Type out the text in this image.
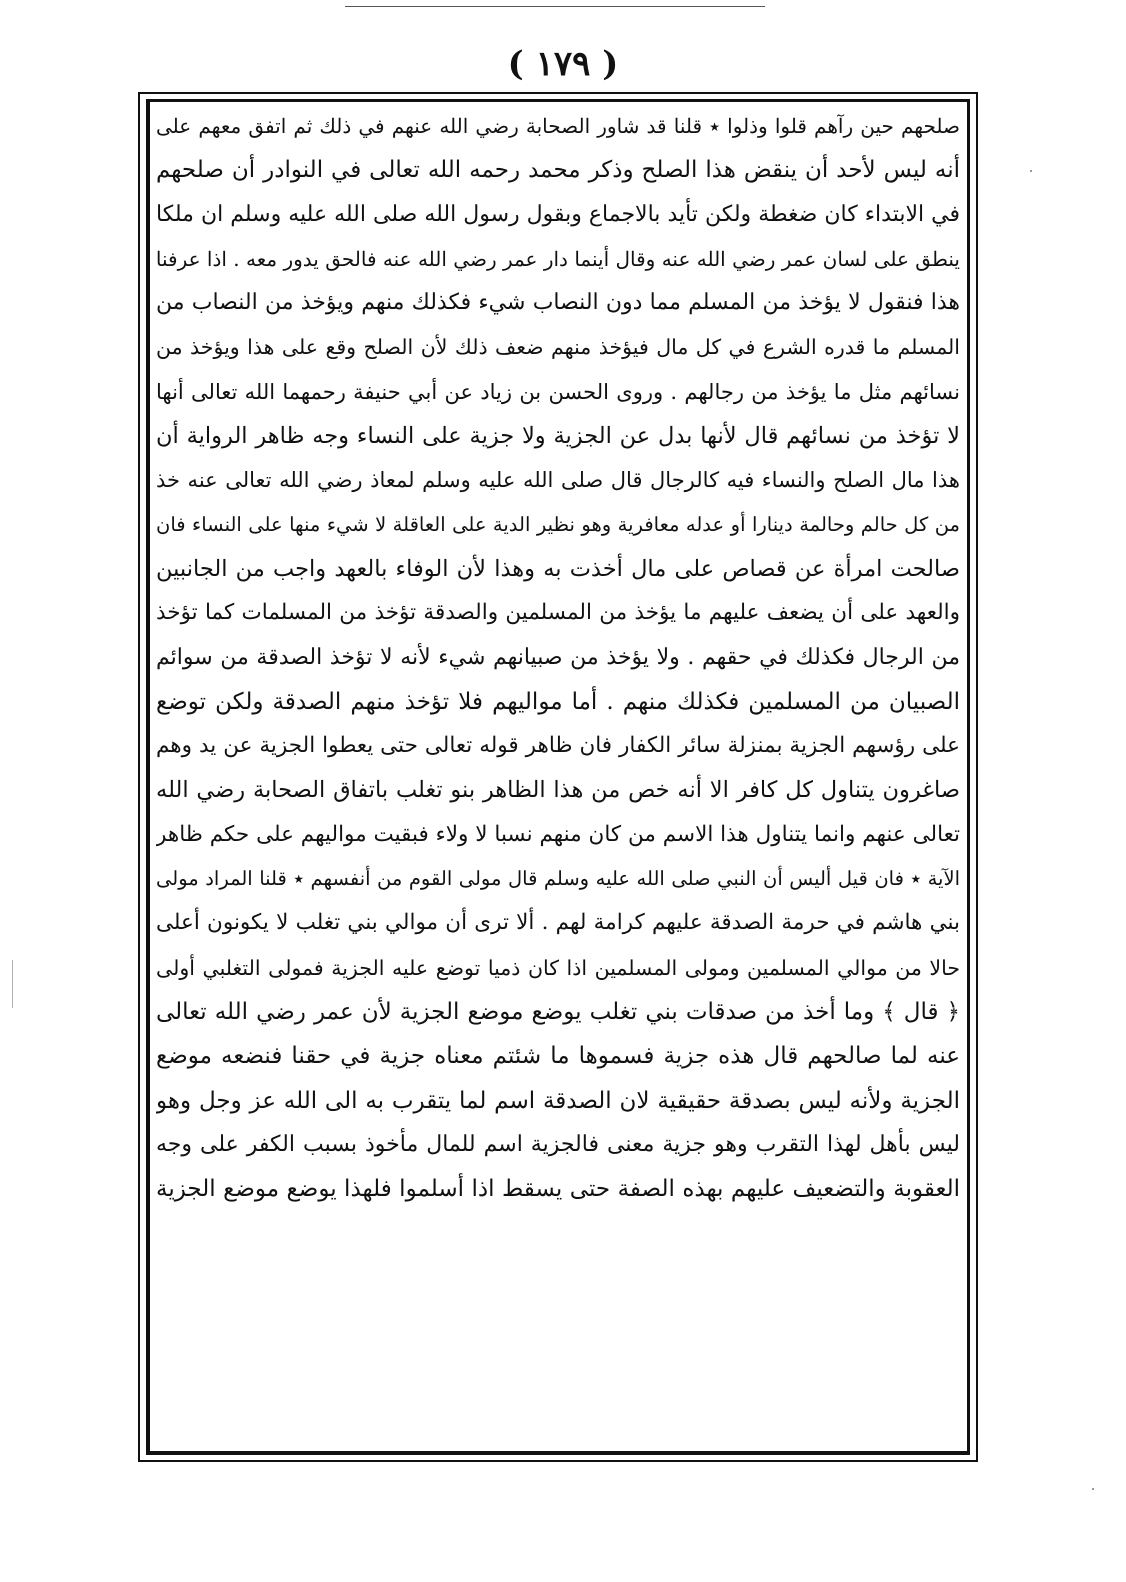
( ١٧٩ )
صلحهم حين رآهم قلوا وذلوا ٭ قلنا قد شاور الصحابة رضي الله عنهم في ذلك ثم اتفق معهم على
أنه ليس لأحد أن ينقض هذا الصلح وذكر محمد رحمه الله تعالى في النوادر أن صلحهم
في الابتداء كان ضغطة ولكن تأيد بالاجماع وبقول رسول الله صلى الله عليه وسلم ان ملكا
ينطق على لسان عمر رضي الله عنه وقال أينما دار عمر رضي الله عنه فالحق يدور معه . اذا عرفنا
هذا فنقول لا يؤخذ من المسلم مما دون النصاب شيء فكذلك منهم ويؤخذ من النصاب من
المسلم ما قدره الشرع في كل مال فيؤخذ منهم ضعف ذلك لأن الصلح وقع على هذا ويؤخذ من
نسائهم مثل ما يؤخذ من رجالهم . وروى الحسن بن زياد عن أبي حنيفة رحمهما الله تعالى أنها
لا تؤخذ من نسائهم قال لأنها بدل عن الجزية ولا جزية على النساء وجه ظاهر الرواية أن
هذا مال الصلح والنساء فيه كالرجال قال صلى الله عليه وسلم لمعاذ رضي الله تعالى عنه خذ
من كل حالم وحالمة دينارا أو عدله معافرية وهو نظير الدية على العاقلة لا شيء منها على النساء فان
صالحت امرأة عن قصاص على مال أخذت به وهذا لأن الوفاء بالعهد واجب من الجانبين
والعهد على أن يضعف عليهم ما يؤخذ من المسلمين والصدقة تؤخذ من المسلمات كما تؤخذ
من الرجال فكذلك في حقهم . ولا يؤخذ من صبيانهم شيء لأنه لا تؤخذ الصدقة من سوائم
الصبيان من المسلمين فكذلك منهم . أما مواليهم فلا تؤخذ منهم الصدقة ولكن توضع
على رؤسهم الجزية بمنزلة سائر الكفار فان ظاهر قوله تعالى حتى يعطوا الجزية عن يد وهم
صاغرون يتناول كل كافر الا أنه خص من هذا الظاهر بنو تغلب باتفاق الصحابة رضي الله
تعالى عنهم وانما يتناول هذا الاسم من كان منهم نسبا لا ولاء فبقيت مواليهم على حكم ظاهر
الآية ٭ فان قيل أليس أن النبي صلى الله عليه وسلم قال مولى القوم من أنفسهم ٭ قلنا المراد مولى
بني هاشم في حرمة الصدقة عليهم كرامة لهم . ألا ترى أن موالي بني تغلب لا يكونون أعلى
حالا من موالي المسلمين ومولى المسلمين اذا كان ذميا توضع عليه الجزية فمولى التغلبي أولى
﴿ قال ﴾ وما أخذ من صدقات بني تغلب يوضع موضع الجزية لأن عمر رضي الله تعالى
عنه لما صالحهم قال هذه جزية فسموها ما شئتم معناه جزية في حقنا فنضعه موضع
الجزية ولأنه ليس بصدقة حقيقية لان الصدقة اسم لما يتقرب به الى الله عز وجل وهو
ليس بأهل لهذا التقرب وهو جزية معنى فالجزية اسم للمال مأخوذ بسبب الكفر على وجه
العقوبة والتضعيف عليهم بهذه الصفة حتى يسقط اذا أسلموا فلهذا يوضع موضع الجزية
